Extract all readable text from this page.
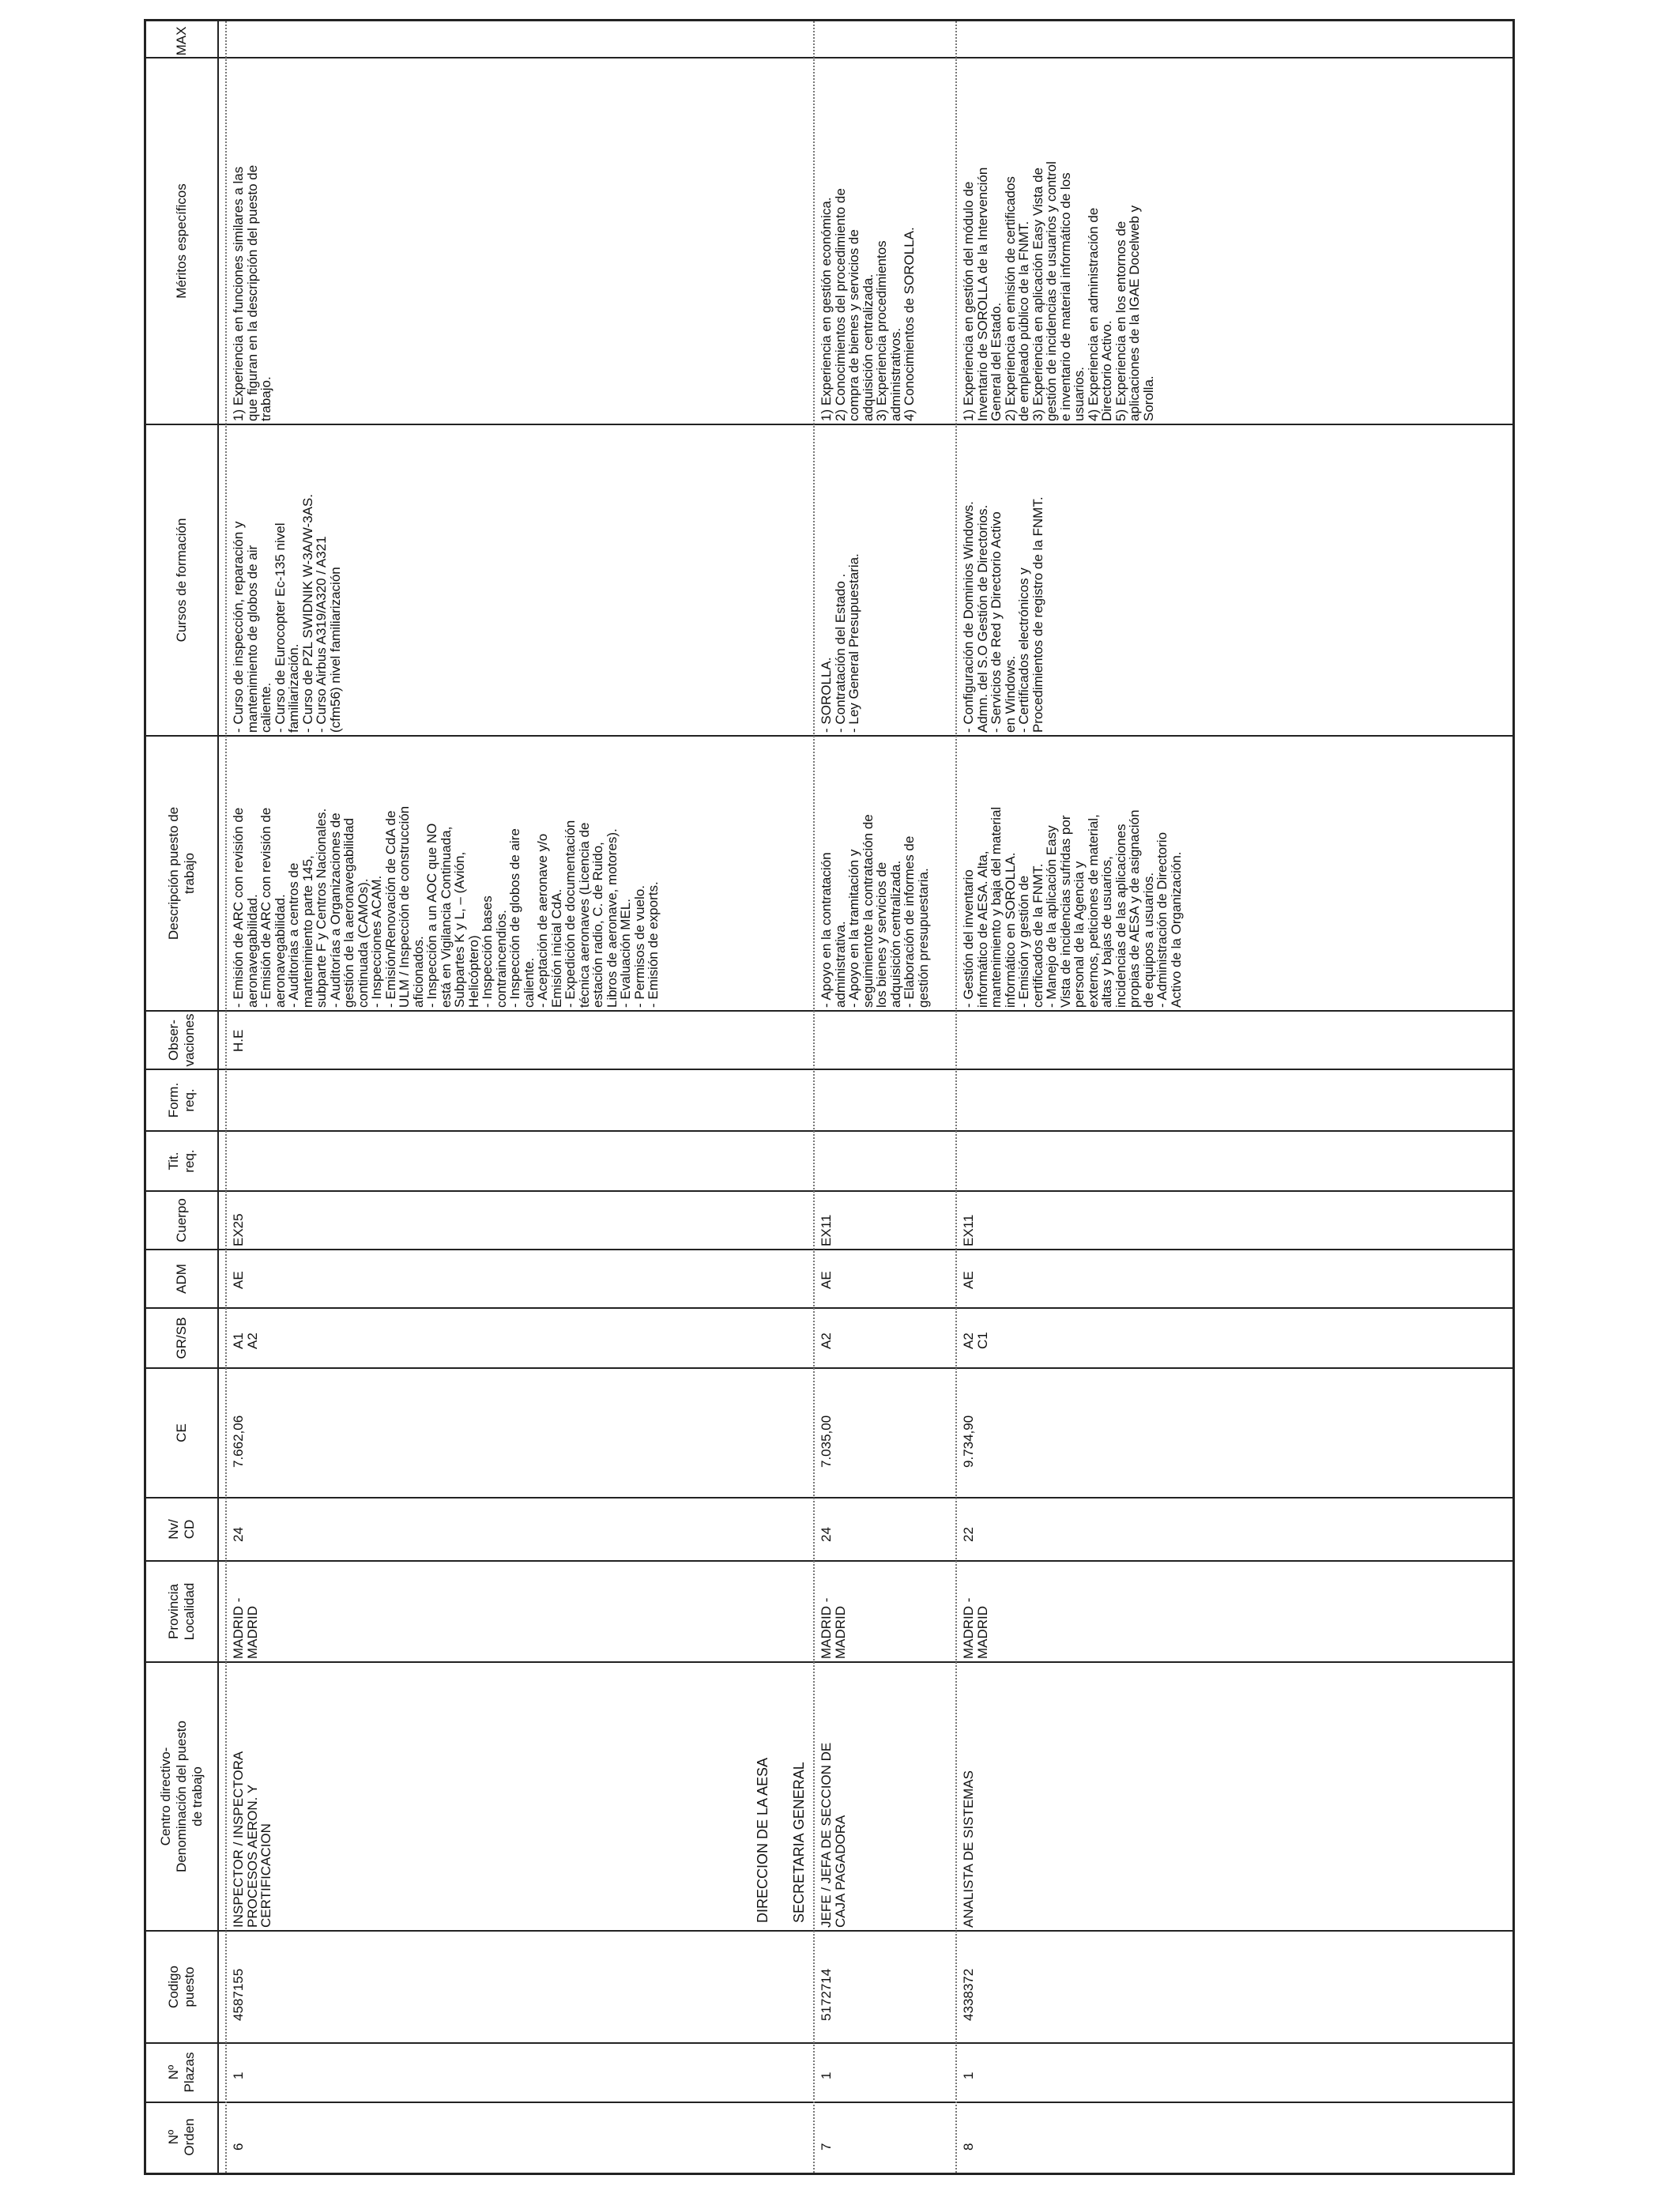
Nº
Orden
Nº
Plazas
Codigo
puesto
Centro directivo-
Denominación del puesto
de trabajo
Provincia
Localidad
Nv/
CD
CE
GR/SB
ADM
Cuerpo
Tit.
req.
Form.
req.
Obser-
vaciones
Descripción puesto de
trabajo
Cursos de formación
Méritos específicos
MAX
DIRECCION DE LA AESA SECRETARIA GENERAL
6
1
4587155
INSPECTOR / INSPECTORA
PROCESOS AERON. Y
CERTIFICACION
MADRID -
MADRID
24
7.662,06
A1
A2
AE
EX25
H.E
- Emisión de ARC con revisión de
aeronavegabilidad.
- Emisión de ARC con revisión de
aeronavegabilidad.
- Auditorias a centros de
mantenimiento parte 145,
subparte F y Centros Nacionales.
- Auditorías a Organizaciones de
gestión de la aeronavegabilidad
continuada (CAMOs).
- Inspecciones ACAM.
- Emisión/Renovación de CdA de
ULM / Inspección de construcción
aficionados.
- Inspección a un AOC que NO
está en Vigilancia Continuada,
Subpartes K y L, – (Avión,
Helicóptero)
- Inspección bases
contraincendios.
- Inspección de globos de aire
caliente.
- Aceptación de aeronave y/o
Emisión inicial CdA.
- Expedición de documentación
técnica aeronaves (Licencia de
estación radio, C. de Ruido,
Libros de aeronave, motores).
- Evaluación MEL.
- Permisos de vuelo.
- Emisión de exports.
- Curso de inspección, reparación y
mantenimiento de globos de air
caliente.
- Curso de Eurocopter Ec-135 nivel
familiarización.
- Curso de PZL SWIDNIK W-3A/W-3AS.
- Curso Airbus A319/A320 / A321
(cfm56) nivel familiarización
1) Experiencia en funciones similares a las
que figuran en la descripción del puesto de
trabajo.
7
1
5172714
JEFE / JEFA DE SECCION DE
CAJA PAGADORA
MADRID -
MADRID
24
7.035,00
A2
AE
EX11
- Apoyo en la contratación
administrativa.
- Apoyo en la tramitación y
seguimientote la contratación de
los bienes y servicios de
adquisición centralizada.
- Elaboración de informes de
gestión presupuestaria.
- SOROLLA.
- Contratación del Estado .
- Ley General Presupuestaria.
1) Experiencia en gestión económica.
2) Conocimientos del procedimiento de
compra de bienes y servicios de
adquisición centralizada.
3) Experiencia procedimientos
administrativos.
4) Conocimientos de SOROLLA.
8
1
4338372
ANALISTA DE SISTEMAS
MADRID -
MADRID
22
9.734,90
A2
C1
AE
EX11
- Gestión del inventario
informático de AESA. Alta,
mantenimiento y baja del material
informático en SOROLLA.
- Emisión y gestión de
certificados de la FNMT.
- Manejo de la aplicación Easy
Vista de incidencias sufridas por
personal de la Agencia y
externos, peticiones de material,
altas y bajas de usuarios,
incidencias de las aplicaciones
propias de AESA y de asignación
de equipos a usuarios.
- Administración de Directorio
Activo de la Organización.
- Configuración de Dominios Windows.
Admn. del S.O Gestión de Directorios.
- Servicios de Red y Directorio Activo
en Windows.
- Certificados electrónicos y
Procedimientos de registro de la FNMT.
1) Experiencia en gestión del módulo de
Inventario de SOROLLA de la Intervención
General del Estado.
2) Experiencia en emisión de certificados
de empleado público de la FNMT.
3) Experiencia en aplicación Easy Vista de
gestión de incidencias de usuarios y control
e inventario de material informático de los
usuarios.
4) Experiencia en administración de
Directorio Activo.
5) Experiencia en los entornos de
aplicaciones de la IGAE Docelweb y
Sorolla.
